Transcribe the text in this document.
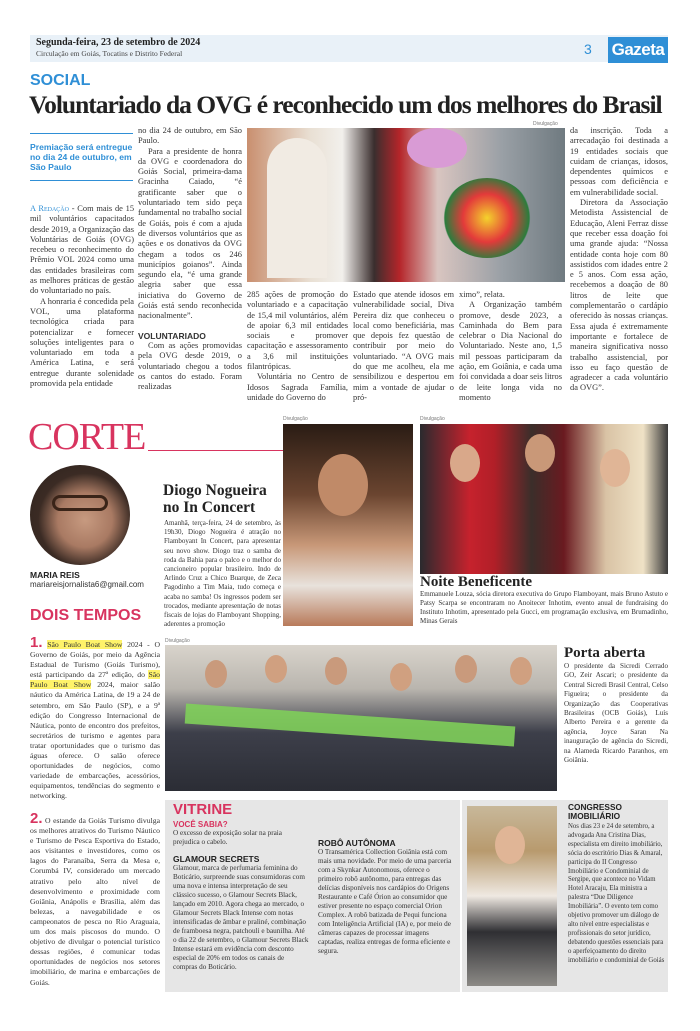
Segunda-feira, 23 de setembro de 2024
Circulação em Goiás, Tocatins e Distrito Federal	3 Gazeta
SOCIAL
Voluntariado da OVG é reconhecido um dos melhores do Brasil
Premiação será entregue no dia 24 de outubro, em São Paulo

A Redação - Com mais de 15 mil voluntários capacitados desde 2019, a Organização das Voluntárias de Goiás (OVG) recebeu o reconhecimento do Prêmio VOL 2024 como uma das entidades brasileiras com as melhores práticas de gestão do voluntariado no país.

A honraria é concedida pela VOL, uma plataforma tecnológica criada para potencializar e fornecer soluções inteligentes para o voluntariado em toda a América Latina, e será entregue durante solenidade promovida pela entidade

no dia 24 de outubro, em São Paulo.

Para a presidente de honra da OVG e coordenadora do Goiás Social, primeira-dama Gracinha Caiado, “é gratificante saber que o voluntariado tem sido peça fundamental no trabalho social de Goiás, pois é com a ajuda de diversos voluntários que as ações e os donativos da OVG chegam a todos os 246 municípios goianos”. Ainda segundo ela, “é uma grande alegria saber que essa iniciativa do Governo de Goiás está sendo reconhecida nacionalmente”.

VOLUNTARIADO

Com as ações promovidas pela OVG desde 2019, o voluntariado chegou a todos os cantos do estado. Foram realizadas

Divulgação

285 ações de promoção do voluntariado e a capacitação de 15,4 mil voluntários, além de apoiar 6,3 mil entidades sociais e promover capacitação e assessoramento a 3,6 mil instituições filantrópicas.

Voluntária no Centro de Idosos Sagrada Família, unidade do Governo do

Estado que atende idosos em vulnerabilidade social, Diva Pereira diz que conheceu o local como beneficiária, mas que depois fez questão de contribuir por meio do voluntariado. “A OVG mais do que me acolheu, ela me sensibilizou e despertou em mim a vontade de ajudar o pró-

ximo”, relata.

A Organização também promove, desde 2023, a Caminhada do Bem para celebrar o Dia Nacional do Voluntariado. Neste ano, 1,5 mil pessoas participaram da ação, em Goiânia, e cada uma foi convidada a doar seis litros de leite longa vida no momento

da inscrição. Toda a arrecadação foi destinada a 19 entidades sociais que cuidam de crianças, idosos, dependentes químicos e pessoas com deficiência e em vulnerabilidade social.

Diretora da Associação Metodista Assistencial de Educação, Aleni Ferraz disse que receber essa doação foi uma grande ajuda: “Nossa entidade conta hoje com 80 assistidos com idades entre 2 e 5 anos. Com essa ação, recebemos a doação de 80 litros de leite que complementarão o cardápio oferecido às nossas crianças. Essa ajuda é extremamente importante e fortalece de maneira significativa nosso trabalho assistencial, por isso eu faço questão de agradecer a cada voluntário da OVG”.

CORTE
MARIA REIS
mariareisjornalista6@gmail.com
DOIS TEMPOS
Diogo Nogueira no In Concert
Amanhã, terça-feira, 24 de setembro, às 19h30, Diogo Nogueira é atração no Flamboyant In Concert, para apresentar seu novo show. Diogo traz o samba de roda da Bahia para o palco e o melhor do cancioneiro popular brasileiro. Indo de Arlindo Cruz a Chico Buarque, de Zeca Pagodinho a Tim Maia, tudo começa e acaba no samba! Os ingressos podem ser trocados, mediante apresentação de notas fiscais de lojas do Flamboyant Shopping, aderentes a promoção
Divulgação	Divulgação
Noite Beneficente
Emmanuele Louza, sócia diretora executiva do Grupo Flamboyant, mais Bruno Astuto e Patsy Scarpa se encontraram no Anoitecer Inhotim, evento anual de fundraising do Instituto Inhotim, apresentado pela Gucci, em programação exclusiva, em Brumadinho, Minas Gerais
1. São Paulo Boat Show 2024 - O Governo de Goiás, por meio da Agência Estadual de Turismo (Goiás Turismo), está participando da 27ª edição, do São Paulo Boat Show 2024, maior salão náutico da América Latina, de 19 a 24 de setembro, em São Paulo (SP), e a 9ª edição do Congresso Internacional de Náutica, ponto de encontro dos prefeitos, secretários de turismo e agentes para tratar oportunidades que o turismo das águas oferece. O salão oferece oportunidades de negócios, como variedade de embarcações, acessórios, equipamentos, tendências do segmento e networking.
2. O estande da Goiás Turismo divulga os melhores atrativos do Turismo Náutico e Turismo de Pesca Esportiva do Estado, aos visitantes e investidores, como os lagos do Paranaíba, Serra da Mesa e, Corumbá IV, considerado um mercado atrativo pelo alto nível de desenvolvimento e proximidade com Goiânia, Anápolis e Brasília, além das belezas, a navegabilidade e os campeonatos de pesca no Rio Araguaia, um dos mais piscosos do mundo. O objetivo de divulgar o potencial turístico dessas regiões, é comunicar todas oportunidades de negócios nos setores imobiliário, de marina e embarcações de Goiás.
Divulgação
Porta aberta
O presidente da Sicredi Cerrado GO, Zeir Ascari; o presidente da Central Sicredi Brasil Central, Celso Figueira; o presidente da Organização das Cooperativas Brasileiras (OCB Goiás), Luís Alberto Pereira e a gerente da agência, Joyce Saran Na inauguração de agência do Sicredi, na Alameda Ricardo Paranhos, em Goiânia.
VITRINE
VOCÊ SABIA?
O excesso de exposição solar na praia prejudica o cabelo.
GLAMOUR SECRETS
Glamour, marca de perfumaria feminina do Boticário, surpreende suas consumidoras com uma nova e intensa interpretação de seu clássico sucesso, o Glamour Secrets Black, lançado em 2010. Agora chega ao mercado, o Glamour Secrets Black Intense com notas intensificadas de âmbar e praliné, combinação de framboesa negra, patchouli e baunilha. Até o dia 22 de setembro, o Glamour Secrets Black Intense estará em evidência com desconto especial de 20% em todos os canais de compras do Boticário.
ROBÔ AUTÔNOMA
O Transamérica Collection Goiânia está com mais uma novidade. Por meio de uma parceria com a Skynkar Autonomous, oferece o primeiro robô autônomo, para entregas das delícias disponíveis nos cardápios do Origens Restaurante e Café Órion ao consumidor que estiver presente no espaço comercial Orion Complex. A robô batizada de Pequi funciona com Inteligência Artificial (IA) e, por meio de câmeras capazes de processar imagens captadas, realiza entregas de forma eficiente e segura.
CONGRESSO IMOBILIÁRIO
Nos dias 23 e 24 de setembro, a advogada Ana Cristina Dias, especialista em direito imobiliário, sócia do escritório Dias & Amaral, participa do II Congresso Imobiliário e Condominial de Sergipe, que acontece no Vidam Hotel Aracaju, Ela ministra a palestra “Due Diligence Imobiliária”. O evento tem como objetivo promover um diálogo de alto nível entre especialistas e profissionais do setor jurídico, debatendo questões essenciais para o aperfeiçoamento do direito imobiliário e condominial de Goiás
